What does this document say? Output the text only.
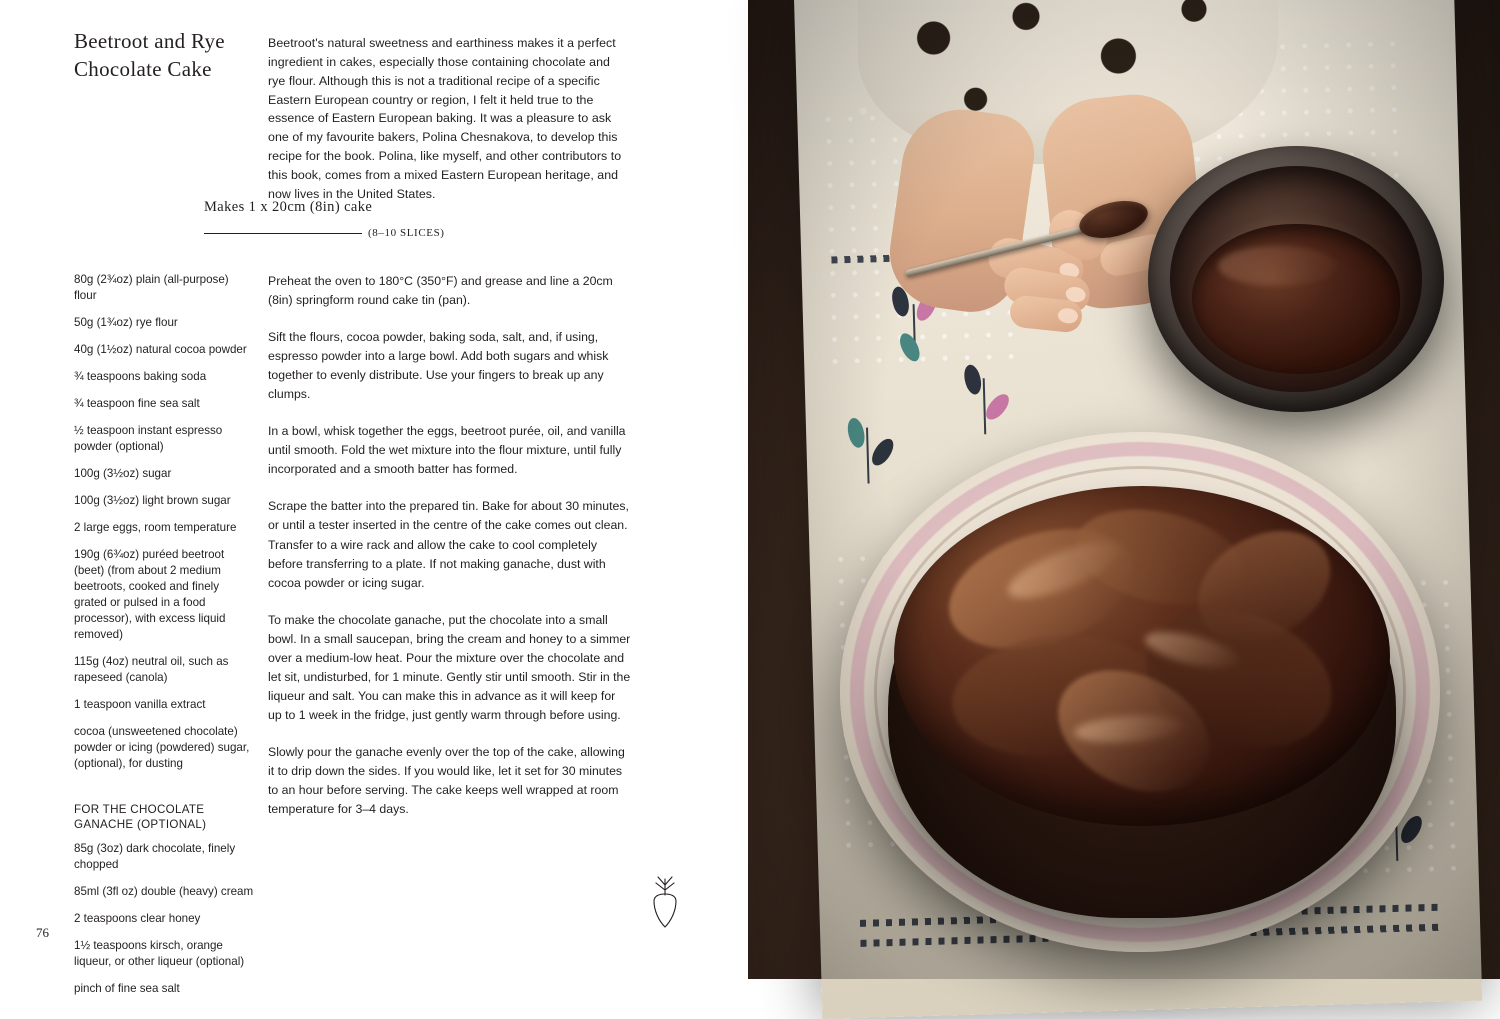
Beetroot and Rye Chocolate Cake
Beetroot's natural sweetness and earthiness makes it a perfect ingredient in cakes, especially those containing chocolate and rye flour. Although this is not a traditional recipe of a specific Eastern European country or region, I felt it held true to the essence of Eastern European baking. It was a pleasure to ask one of my favourite bakers, Polina Chesnakova, to develop this recipe for the book. Polina, like myself, and other contributors to this book, comes from a mixed Eastern European heritage, and now lives in the United States.
Makes 1 x 20cm (8in) cake
(8–10 SLICES)
80g (2¾oz) plain (all-purpose) flour
50g (1¾oz) rye flour
40g (1½oz) natural cocoa powder
¾ teaspoons baking soda
¾ teaspoon fine sea salt
½ teaspoon instant espresso powder (optional)
100g (3½oz) sugar
100g (3½oz) light brown sugar
2 large eggs, room temperature
190g (6¾oz) puréed beetroot (beet) (from about 2 medium beetroots, cooked and finely grated or pulsed in a food processor), with excess liquid removed)
115g (4oz) neutral oil, such as rapeseed (canola)
1 teaspoon vanilla extract
cocoa (unsweetened chocolate) powder or icing (powdered) sugar, (optional), for dusting
FOR THE CHOCOLATE GANACHE (OPTIONAL)
85g (3oz) dark chocolate, finely chopped
85ml (3fl oz) double (heavy) cream
2 teaspoons clear honey
1½ teaspoons kirsch, orange liqueur, or other liqueur (optional)
pinch of fine sea salt

Preheat the oven to 180°C (350°F) and grease and line a 20cm (8in) springform round cake tin (pan).

Sift the flours, cocoa powder, baking soda, salt, and, if using, espresso powder into a large bowl. Add both sugars and whisk together to evenly distribute. Use your fingers to break up any clumps.

In a bowl, whisk together the eggs, beetroot purée, oil, and vanilla until smooth. Fold the wet mixture into the flour mixture, until fully incorporated and a smooth batter has formed.

Scrape the batter into the prepared tin. Bake for about 30 minutes, or until a tester inserted in the centre of the cake comes out clean. Transfer to a wire rack and allow the cake to cool completely before transferring to a plate. If not making ganache, dust with cocoa powder or icing sugar.

To make the chocolate ganache, put the chocolate into a small bowl. In a small saucepan, bring the cream and honey to a simmer over a medium-low heat. Pour the mixture over the chocolate and let sit, undisturbed, for 1 minute. Gently stir until smooth. Stir in the liqueur and salt. You can make this in advance as it will keep for up to 1 week in the fridge, just gently warm through before using.

Slowly pour the ganache evenly over the top of the cake, allowing it to drip down the sides. If you would like, let it set for 30 minutes to an hour before serving. The cake keeps well wrapped at room temperature for 3–4 days.

76
